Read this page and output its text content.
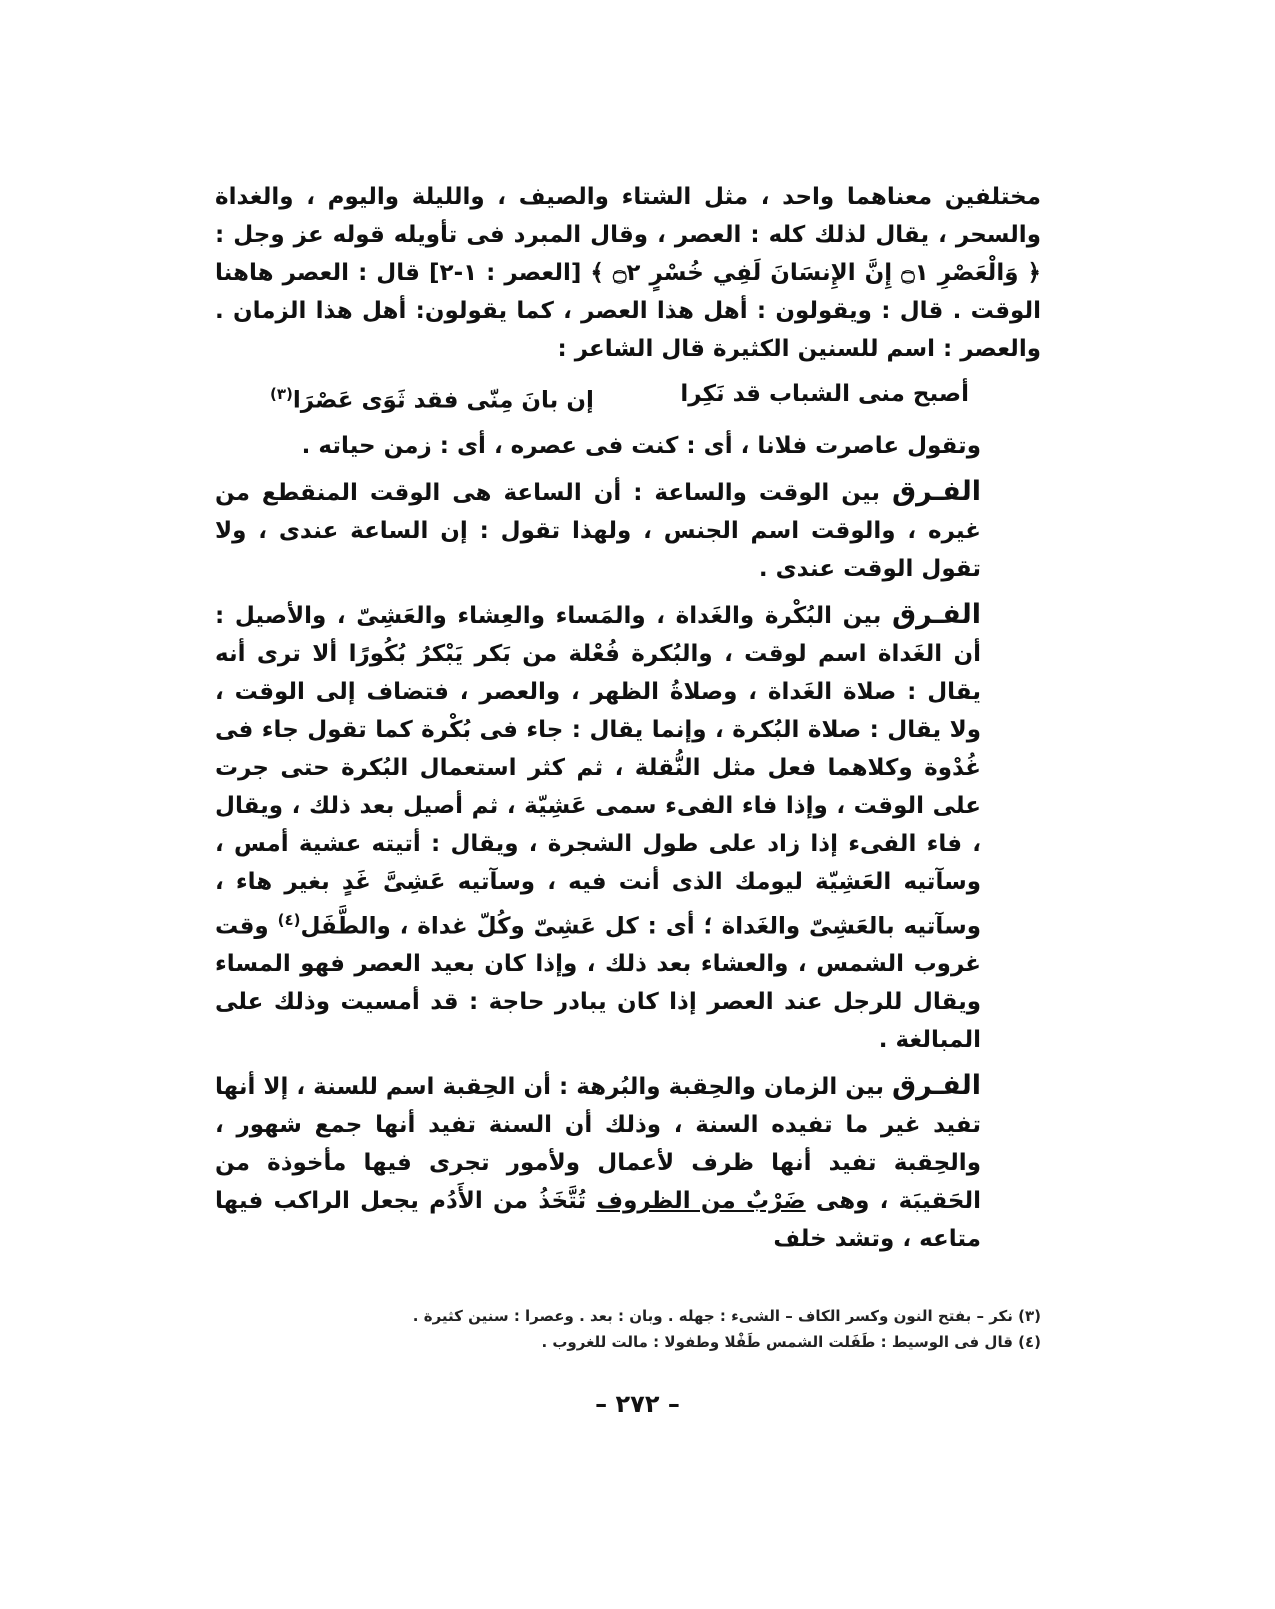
مختلفين معناهما واحد ، مثل الشتاء والصيف ، والليلة واليوم ، والغداة والسحر ، يقال لذلك كله : العصر ، وقال المبرد فى تأويله قوله عز وجل : ﴿ وَالْعَصْرِ ۝١ إِنَّ الإِنسَانَ لَفِي خُسْرٍ ۝٢ ﴾ [العصر : ١-٢] قال : العصر هاهنا الوقت . قال : ويقولون : أهل هذا العصر ، كما يقولون: أهل هذا الزمان . والعصر : اسم للسنين الكثيرة قال الشاعر :

أصبح منى الشباب قد نَكِرا
إن بانَ مِنّى فقد ثَوَى عَصْرَا$^{(٣)}$

وتقول عاصرت فلانا ، أى : كنت فى عصره ، أى : زمن حياته .

الفـرق بين الوقت والساعة : أن الساعة هى الوقت المنقطع من غيره ، والوقت اسم الجنس ، ولهذا تقول : إن الساعة عندى ، ولا تقول الوقت عندى .

الفـرق بين البُكْرة والغَداة ، والمَساء والعِشاء والعَشِىّ ، والأصيل : أن الغَداة اسم لوقت ، والبُكرة فُعْلة من بَكر يَبْكرُ بُكُورًا ألا ترى أنه يقال : صلاة الغَداة ، وصلاةُ الظهر ، والعصر ، فتضاف إلى الوقت ، ولا يقال : صلاة البُكرة ، وإنما يقال : جاء فى بُكْرة كما تقول جاء فى غُدْوة وكلاهما فعل مثل النُّقلة ، ثم كثر استعمال البُكرة حتى جرت على الوقت ، وإذا فاء الفىء سمى عَشِيّة ، ثم أصيل بعد ذلك ، ويقال ، فاء الفىء إذا زاد على طول الشجرة ، ويقال : أتيته عشية أمس ، وسآتيه العَشِيّة ليومك الذى أنت فيه ، وسآتيه عَشِىَّ غَدٍ بغير هاء ، وسآتيه بالعَشِىّ والغَداة ؛ أى : كل عَشِىّ وكُلّ غداة ، والطَّفَل$^{(٤)}$ وقت غروب الشمس ، والعشاء بعد ذلك ، وإذا كان بعيد العصر فهو المساء ويقال للرجل عند العصر إذا كان يبادر حاجة : قد أمسيت وذلك على المبالغة .

الفـرق بين الزمان والحِقبة والبُرهة : أن الحِقبة اسم للسنة ، إلا أنها تفيد غير ما تفيده السنة ، وذلك أن السنة تفيد أنها جمع شهور ، والحِقبة تفيد أنها ظرف لأعمال ولأمور تجرى فيها مأخوذة من الحَقيبَة ، وهى ضَرْبٌ من الظروف تُتَّخَذُ من الأَدُم يجعل الراكب فيها متاعه ، وتشد خلف

(٣) نكر – بفتح النون وكسر الكاف – الشىء : جهله . وبان : بعد . وعصرا : سنين كثيرة .
(٤) قال فى الوسيط : طَفَلت الشمس طَفْلا وطفولا : مالت للغروب .
– ٢٧٢ –
